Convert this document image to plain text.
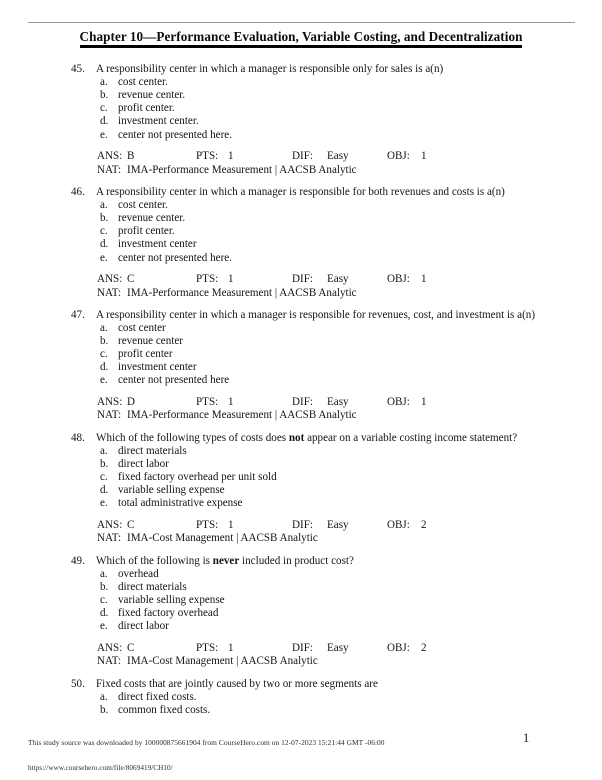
Chapter 10—Performance Evaluation, Variable Costing, and Decentralization
45.	A responsibility center in which a manager is responsible only for sales is a(n)
a. cost center.
b. revenue center.
c. profit center.
d. investment center.
e. center not presented here.
ANS: B	PTS: 1	DIF: Easy	OBJ: 1
NAT: IMA-Performance Measurement | AACSB Analytic
46.	A responsibility center in which a manager is responsible for both revenues and costs is a(n)
a. cost center.
b. revenue center.
c. profit center.
d. investment center
e. center not presented here.
ANS: C	PTS: 1	DIF: Easy	OBJ: 1
NAT: IMA-Performance Measurement | AACSB Analytic
47.	A responsibility center in which a manager is responsible for revenues, cost, and investment is a(n)
a. cost center
b. revenue center
c. profit center
d. investment center
e. center not presented here
ANS: D	PTS: 1	DIF: Easy	OBJ: 1
NAT: IMA-Performance Measurement | AACSB Analytic
48.	Which of the following types of costs does not appear on a variable costing income statement?
a. direct materials
b. direct labor
c. fixed factory overhead per unit sold
d. variable selling expense
e. total administrative expense
ANS: C	PTS: 1	DIF: Easy	OBJ: 2
NAT: IMA-Cost Management | AACSB Analytic
49.	Which of the following is never included in product cost?
a. overhead
b. direct materials
c. variable selling expense
d. fixed factory overhead
e. direct labor
ANS: C	PTS: 1	DIF: Easy	OBJ: 2
NAT: IMA-Cost Management | AACSB Analytic
50.	Fixed costs that are jointly caused by two or more segments are
a. direct fixed costs.
b. common fixed costs.
1
This study source was downloaded by 100000875661904 from CourseHero.com on 12-07-2023 15:21:44 GMT -06:00
https://www.coursehero.com/file/8069419/CH10/
